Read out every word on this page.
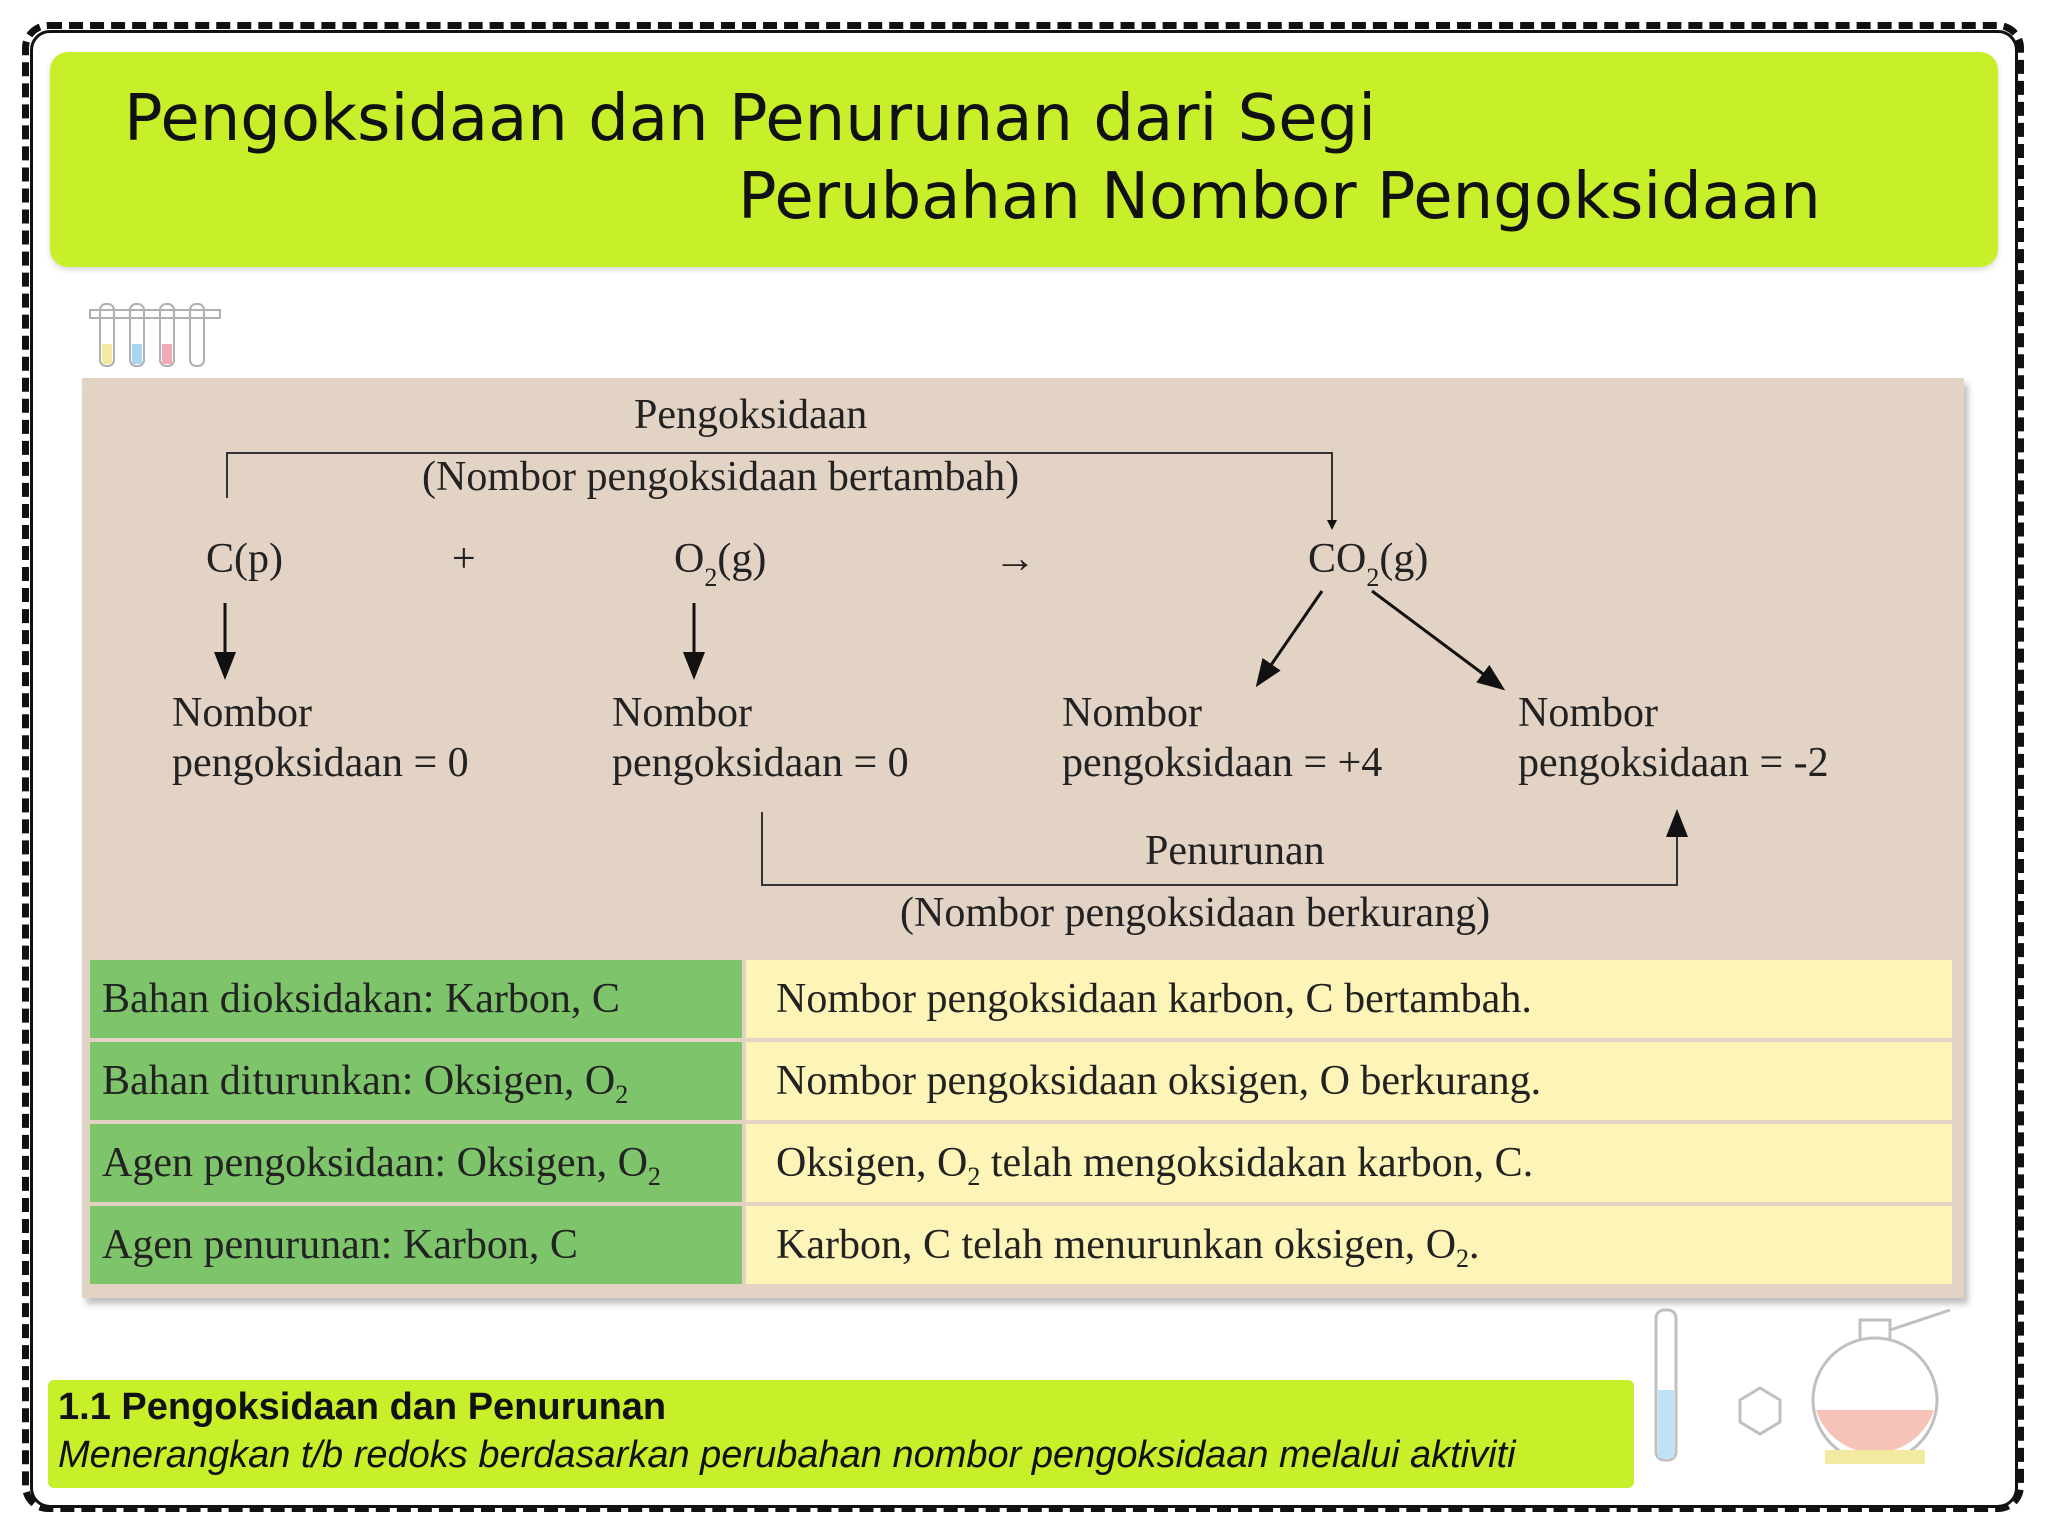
Pengoksidaan dan Penurunan dari Segi
Perubahan Nombor Pengoksidaan
Pengoksidaan
(Nombor pengoksidaan bertambah)
C(p)	+	$O_2(g)$	→	$CO_2(g)$
Nombor
pengoksidaan = 0
Nombor
pengoksidaan = 0
Nombor
pengoksidaan = +4
Nombor
pengoksidaan = -2
Penurunan
(Nombor pengoksidaan berkurang)
Bahan dioksidakan: Karbon, C	Nombor pengoksidaan karbon, C bertambah.
Bahan diturunkan: Oksigen, O 2	Nombor pengoksidaan oksigen, O berkurang.
Agen pengoksidaan: Oksigen, O 2	Oksigen, O 2 telah mengoksidakan karbon, C.
Agen penurunan: Karbon, C	Karbon, C telah menurunkan oksigen, O 2 .
1.1 Pengoksidaan dan Penurunan
Menerangkan t/b redoks berdasarkan perubahan nombor pengoksidaan melalui aktiviti
